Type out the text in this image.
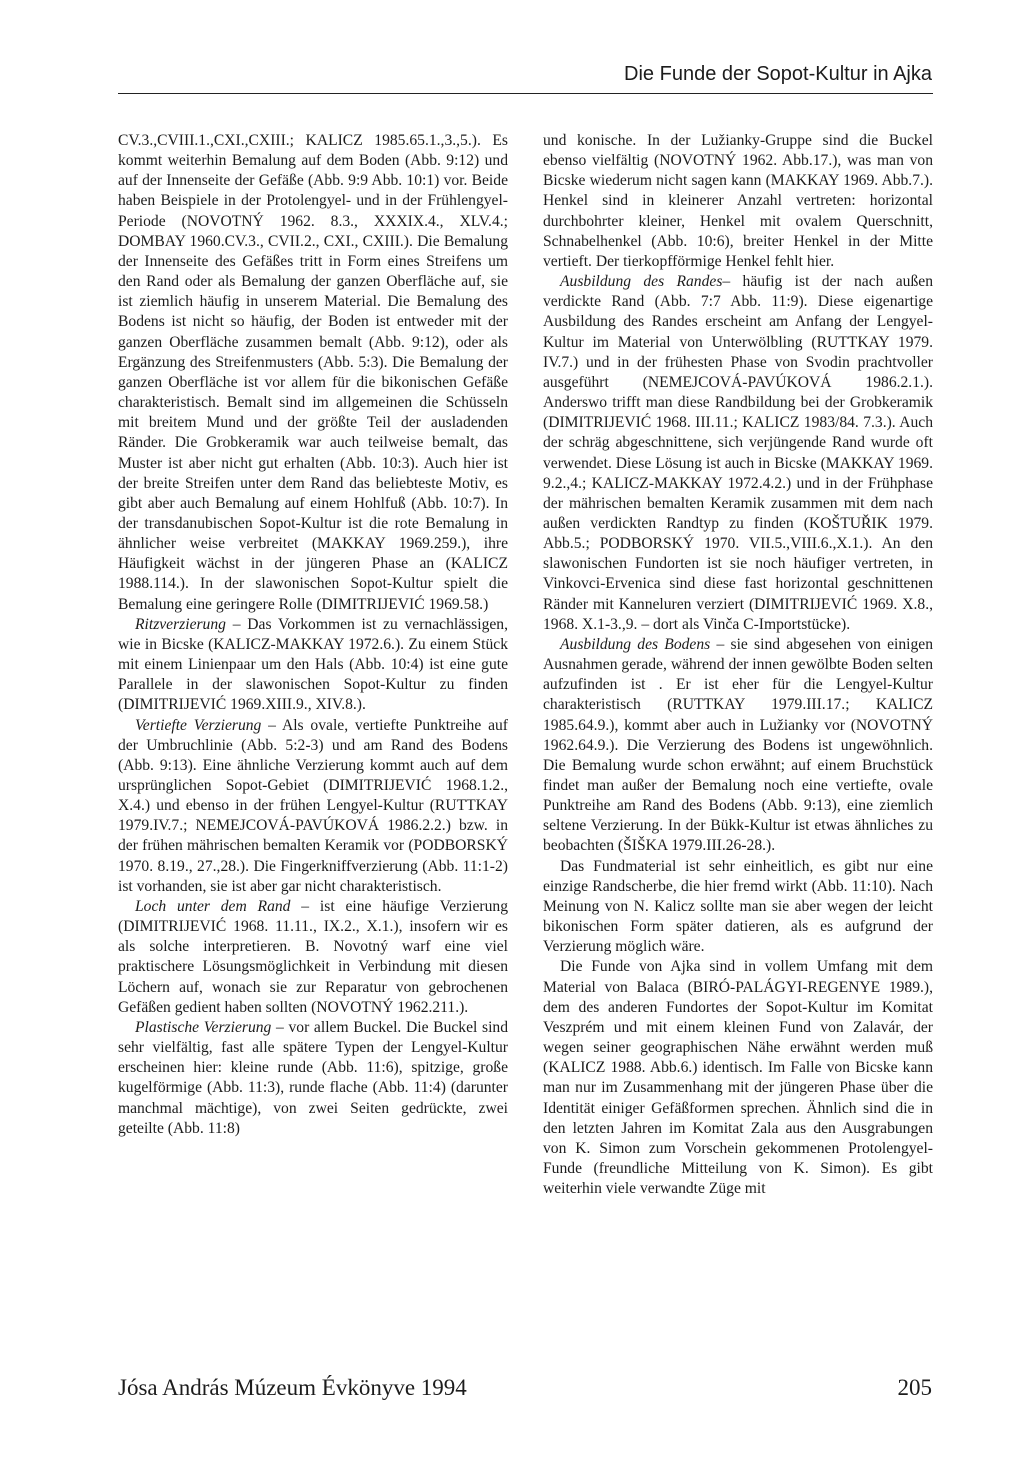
Die Funde der Sopot-Kultur in Ajka

CV.3.,CVIII.1.,CXI.,CXIII.; KALICZ 1985.65.1.,3.,5.). Es kommt weiterhin Bemalung auf dem Boden (Abb. 9:12) und auf der Innenseite der Gefäße (Abb. 9:9 Abb. 10:1) vor. Beide haben Beispiele in der Protolengyel- und in der Frühlengyel-Periode (NOVOTNÝ 1962. 8.3., XXXIX.4., XLV.4.; DOMBAY 1960.CV.3., CVII.2., CXI., CXIII.). Die Bemalung der Innenseite des Gefäßes tritt in Form eines Streifens um den Rand oder als Bemalung der ganzen Oberfläche auf, sie ist ziemlich häufig in unserem Material. Die Bemalung des Bodens ist nicht so häufig, der Boden ist entweder mit der ganzen Oberfläche zusammen bemalt (Abb. 9:12), oder als Ergänzung des Streifenmusters (Abb. 5:3). Die Bemalung der ganzen Oberfläche ist vor allem für die bikonischen Gefäße charakteristisch. Bemalt sind im allgemeinen die Schüsseln mit breitem Mund und der größte Teil der ausladenden Ränder. Die Grobkeramik war auch teilweise bemalt, das Muster ist aber nicht gut erhalten (Abb. 10:3). Auch hier ist der breite Streifen unter dem Rand das beliebteste Motiv, es gibt aber auch Bemalung auf einem Hohlfuß (Abb. 10:7). In der transdanubischen Sopot-Kultur ist die rote Bemalung in ähnlicher weise verbreitet (MAKKAY 1969.259.), ihre Häufigkeit wächst in der jüngeren Phase an (KALICZ 1988.114.). In der slawonischen Sopot-Kultur spielt die Bemalung eine geringere Rolle (DIMITRIJEVIĆ 1969.58.)

Ritzverzierung – Das Vorkommen ist zu vernachlässigen, wie in Bicske (KALICZ-MAKKAY 1972.6.). Zu einem Stück mit einem Linienpaar um den Hals (Abb. 10:4) ist eine gute Parallele in der slawonischen Sopot-Kultur zu finden (DIMITRIJEVIĆ 1969.XIII.9., XIV.8.).

Vertiefte Verzierung – Als ovale, vertiefte Punktreihe auf der Umbruchlinie (Abb. 5:2-3) und am Rand des Bodens (Abb. 9:13). Eine ähnliche Verzierung kommt auch auf dem ursprünglichen Sopot-Gebiet (DIMITRIJEVIĆ 1968.1.2., X.4.) und ebenso in der frühen Lengyel-Kultur (RUTTKAY 1979.IV.7.; NEMEJCOVÁ-PAVÚKOVÁ 1986.2.2.) bzw. in der frühen mährischen bemalten Keramik vor (PODBORSKÝ 1970. 8.19., 27.,28.). Die Fingerkniffverzierung (Abb. 11:1-2) ist vorhanden, sie ist aber gar nicht charakteristisch.

Loch unter dem Rand – ist eine häufige Verzierung (DIMITRIJEVIĆ 1968. 11.11., IX.2., X.1.), insofern wir es als solche interpretieren. B. Novotný warf eine viel praktischere Lösungsmöglichkeit in Verbindung mit diesen Löchern auf, wonach sie zur Reparatur von gebrochenen Gefäßen gedient haben sollten (NOVOTNÝ 1962.211.).

Plastische Verzierung – vor allem Buckel. Die Buckel sind sehr vielfältig, fast alle spätere Typen der Lengyel-Kultur erscheinen hier: kleine runde (Abb. 11:6), spitzige, große kugelförmige (Abb. 11:3), runde flache (Abb. 11:4) (darunter manchmal mächtige), von zwei Seiten gedrückte, zwei geteilte (Abb. 11:8)

und konische. In der Lužianky-Gruppe sind die Buckel ebenso vielfältig (NOVOTNÝ 1962. Abb.17.), was man von Bicske wiederum nicht sagen kann (MAKKAY 1969. Abb.7.). Henkel sind in kleinerer Anzahl vertreten: horizontal durchbohrter kleiner, Henkel mit ovalem Querschnitt, Schnabelhenkel (Abb. 10:6), breiter Henkel in der Mitte vertieft. Der tierkopfförmige Henkel fehlt hier.

Ausbildung des Randes– häufig ist der nach außen verdickte Rand (Abb. 7:7 Abb. 11:9). Diese eigenartige Ausbildung des Randes erscheint am Anfang der Lengyel-Kultur im Material von Unterwölbling (RUTTKAY 1979. IV.7.) und in der frühesten Phase von Svodin prachtvoller ausgeführt (NEMEJCOVÁ-PAVÚKOVÁ 1986.2.1.). Anderswo trifft man diese Randbildung bei der Grobkeramik (DIMITRIJEVIĆ 1968. III.11.; KALICZ 1983/84. 7.3.). Auch der schräg abgeschnittene, sich verjüngende Rand wurde oft verwendet. Diese Lösung ist auch in Bicske (MAKKAY 1969. 9.2.,4.; KALICZ-MAKKAY 1972.4.2.) und in der Frühphase der mährischen bemalten Keramik zusammen mit dem nach außen verdickten Randtyp zu finden (KOŠTUŘIK 1979. Abb.5.; PODBORSKÝ 1970. VII.5.,VIII.6.,X.1.). An den slawonischen Fundorten ist sie noch häufiger vertreten, in Vinkovci-Ervenica sind diese fast horizontal geschnittenen Ränder mit Kanneluren verziert (DIMITRIJEVIĆ 1969. X.8., 1968. X.1-3.,9. – dort als Vinča C-Importstücke).

Ausbildung des Bodens – sie sind abgesehen von einigen Ausnahmen gerade, während der innen gewölbte Boden selten aufzufinden ist . Er ist eher für die Lengyel-Kultur charakteristisch (RUTTKAY 1979.III.17.; KALICZ 1985.64.9.), kommt aber auch in Lužianky vor (NOVOTNÝ 1962.64.9.). Die Verzierung des Bodens ist ungewöhnlich. Die Bemalung wurde schon erwähnt; auf einem Bruchstück findet man außer der Bemalung noch eine vertiefte, ovale Punktreihe am Rand des Bodens (Abb. 9:13), eine ziemlich seltene Verzierung. In der Bükk-Kultur ist etwas ähnliches zu beobachten (ŠIŠKA 1979.III.26-28.).

Das Fundmaterial ist sehr einheitlich, es gibt nur eine einzige Randscherbe, die hier fremd wirkt (Abb. 11:10). Nach Meinung von N. Kalicz sollte man sie aber wegen der leicht bikonischen Form später datieren, als es aufgrund der Verzierung möglich wäre.

Die Funde von Ajka sind in vollem Umfang mit dem Material von Balaca (BIRÓ-PALÁGYI-REGENYE 1989.), dem des anderen Fundortes der Sopot-Kultur im Komitat Veszprém und mit einem kleinen Fund von Zalavár, der wegen seiner geographischen Nähe erwähnt werden muß (KALICZ 1988. Abb.6.) identisch. Im Falle von Bicske kann man nur im Zusammenhang mit der jüngeren Phase über die Identität einiger Gefäßformen sprechen. Ähnlich sind die in den letzten Jahren im Komitat Zala aus den Ausgrabungen von K. Simon zum Vorschein gekommenen Protolengyel-Funde (freundliche Mitteilung von K. Simon). Es gibt weiterhin viele verwandte Züge mit

Jósa András Múzeum Évkönyve 1994	205
